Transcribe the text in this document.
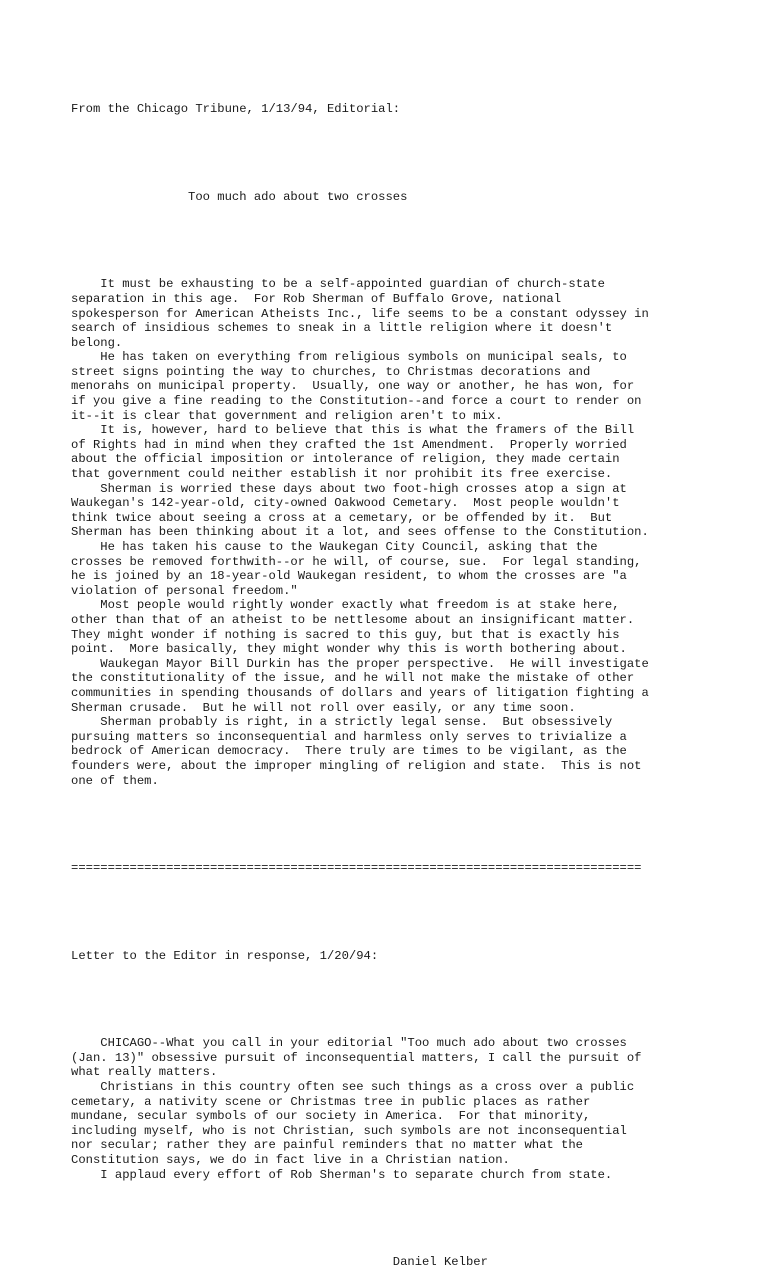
From the Chicago Tribune, 1/13/94, Editorial:

Too much ado about two crosses

It must be exhausting to be a self-appointed guardian of church-state
separation in this age.  For Rob Sherman of Buffalo Grove, national
spokesperson for American Atheists Inc., life seems to be a constant odyssey in
search of insidious schemes to sneak in a little religion where it doesn't
belong.
He has taken on everything from religious symbols on municipal seals, to
street signs pointing the way to churches, to Christmas decorations and
menorahs on municipal property.  Usually, one way or another, he has won, for
if you give a fine reading to the Constitution--and force a court to render on
it--it is clear that government and religion aren't to mix.
It is, however, hard to believe that this is what the framers of the Bill
of Rights had in mind when they crafted the 1st Amendment.  Properly worried
about the official imposition or intolerance of religion, they made certain
that government could neither establish it nor prohibit its free exercise.
Sherman is worried these days about two foot-high crosses atop a sign at
Waukegan's 142-year-old, city-owned Oakwood Cemetary.  Most people wouldn't
think twice about seeing a cross at a cemetary, or be offended by it.  But
Sherman has been thinking about it a lot, and sees offense to the Constitution.
He has taken his cause to the Waukegan City Council, asking that the
crosses be removed forthwith--or he will, of course, sue.  For legal standing,
he is joined by an 18-year-old Waukegan resident, to whom the crosses are "a
violation of personal freedom."
Most people would rightly wonder exactly what freedom is at stake here,
other than that of an atheist to be nettlesome about an insignificant matter.
They might wonder if nothing is sacred to this guy, but that is exactly his
point.  More basically, they might wonder why this is worth bothering about.
Waukegan Mayor Bill Durkin has the proper perspective.  He will investigate
the constitutionality of the issue, and he will not make the mistake of other
communities in spending thousands of dollars and years of litigation fighting a
Sherman crusade.  But he will not roll over easily, or any time soon.
Sherman probably is right, in a strictly legal sense.  But obsessively
pursuing matters so inconsequential and harmless only serves to trivialize a
bedrock of American democracy.  There truly are times to be vigilant, as the
founders were, about the improper mingling of religion and state.  This is not
one of them.

==============================================================================

Letter to the Editor in response, 1/20/94:

CHICAGO--What you call in your editorial "Too much ado about two crosses
(Jan. 13)" obsessive pursuit of inconsequential matters, I call the pursuit of
what really matters.
Christians in this country often see such things as a cross over a public
cemetary, a nativity scene or Christmas tree in public places as rather
mundane, secular symbols of our society in America.  For that minority,
including myself, who is not Christian, such symbols are not inconsequential
nor secular; rather they are painful reminders that no matter what the
Constitution says, we do in fact live in a Christian nation.
I applaud every effort of Rob Sherman's to separate church from state.

Daniel Kelber
